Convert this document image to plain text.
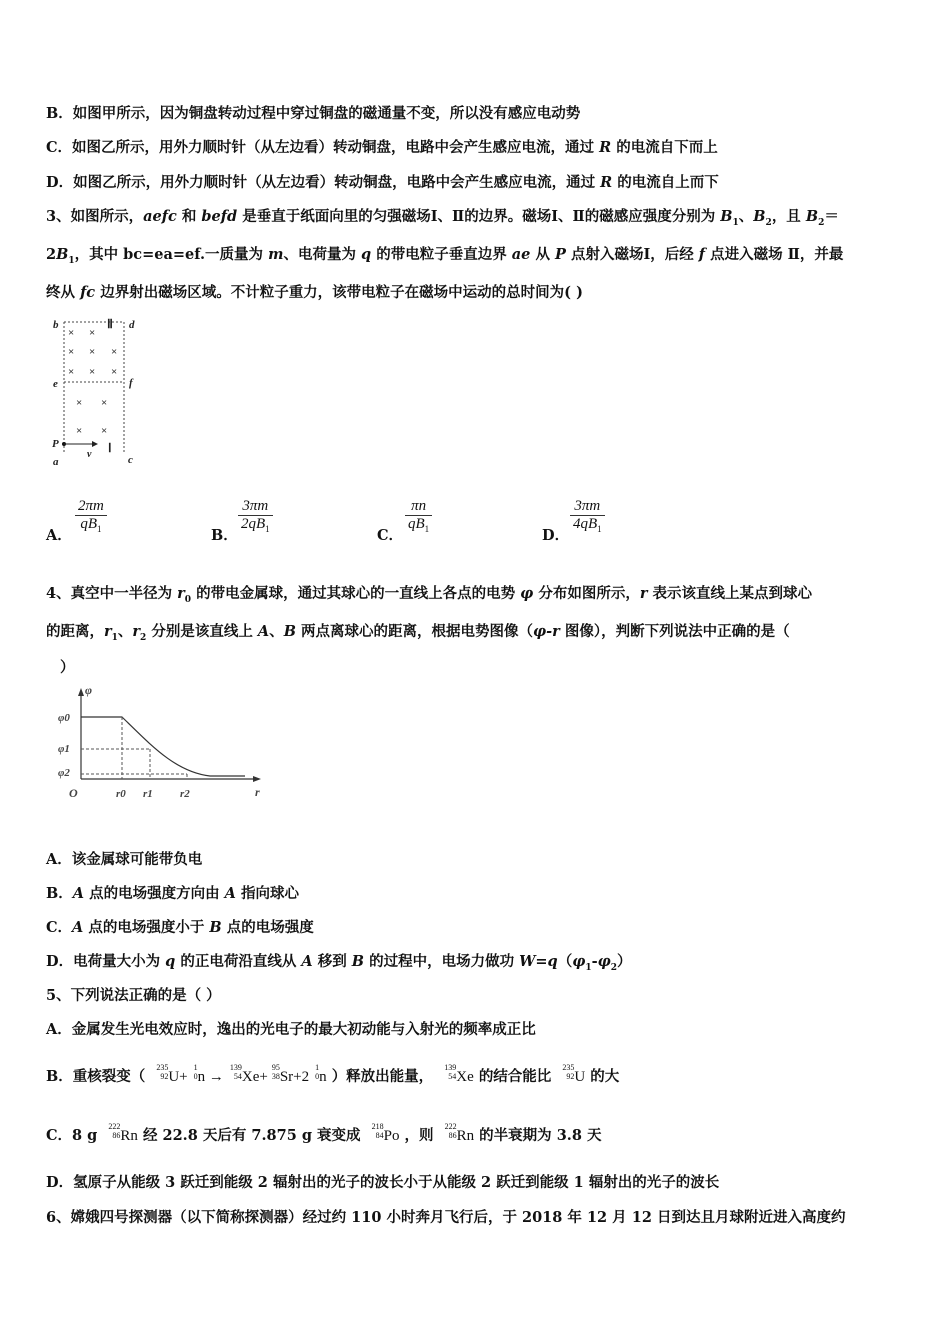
B．如图甲所示，因为铜盘转动过程中穿过铜盘的磁通量不变，所以没有感应电动势
C．如图乙所示，用外力顺时针（从左边看）转动铜盘，电路中会产生感应电流，通过 R 的电流自下而上
D．如图乙所示，用外力顺时针（从左边看）转动铜盘，电路中会产生感应电流，通过 R 的电流自上而下
3、如图所示，aefc 和 befd 是垂直于纸面向里的匀强磁场Ⅰ、Ⅱ的边界。磁场Ⅰ、Ⅱ的磁感应强度分别为 $B_1$、$B_2$，且 $B_2=$
$2B_1$，其中 bc=ea=ef.一质量为 m、电荷量为 q 的带电粒子垂直边界 ae 从 P 点射入磁场Ⅰ，后经 f 点进入磁场 Ⅱ，并最
终从 fc 边界射出磁场区域。不计粒子重力，该带电粒子在磁场中运动的总时间为( )
b	d
e	f
P
a	c
v
Ⅱ
Ⅰ
× ×
× × ×
× × ×
× ×
× ×
A．
$\frac{2\pi m}{qB_1}$
B．
$\frac{3\pi m}{2qB_1}$
C．
$\frac{\pi n}{qB_1}$
D．
$\frac{3\pi m}{4qB_1}$
4、真空中一半径为 $r_0$ 的带电金属球，通过其球心的一直线上各点的电势 φ 分布如图所示，r 表示该直线上某点到球心
的距离，$r_1$、$r_2$ 分别是该直线上 A、B 两点离球心的距离，根据电势图像（φ-r 图像），判断下列说法中正确的是（
）
φ
r
O
φ0
φ1
φ2
r0 r1 r2
A．该金属球可能带负电
B．A 点的电场强度方向由 A 指向球心
C．A 点的电场强度小于 B 点的电场强度
D．电荷量大小为 q 的正电荷沿直线从 A 移到 B 的过程中，电场力做功 $W=q(\varphi_1-\varphi_2)$
5、下列说法正确的是（ ）
A．金属发生光电效应时，逸出的光电子的最大初动能与入射光的频率成正比
B．重核裂变（ 235
92U+1
0n →139
54Xe+95
38Sr+21
0n ）释放出能量， 139
54Xe 的结合能比 235
92U 的大
C．8 g 222
86Rn 经 22.8 天后有 7.875 g 衰变成 218
84Po ，则 222
86Rn 的半衰期为 3.8 天
D．氢原子从能级 3 跃迁到能级 2 辐射出的光子的波长小于从能级 2 跃迁到能级 1 辐射出的光子的波长
6、嫦娥四号探测器（以下简称探测器）经过约 110 小时奔月飞行后，于 2018 年 12 月 12 日到达且月球附近进入高度约
